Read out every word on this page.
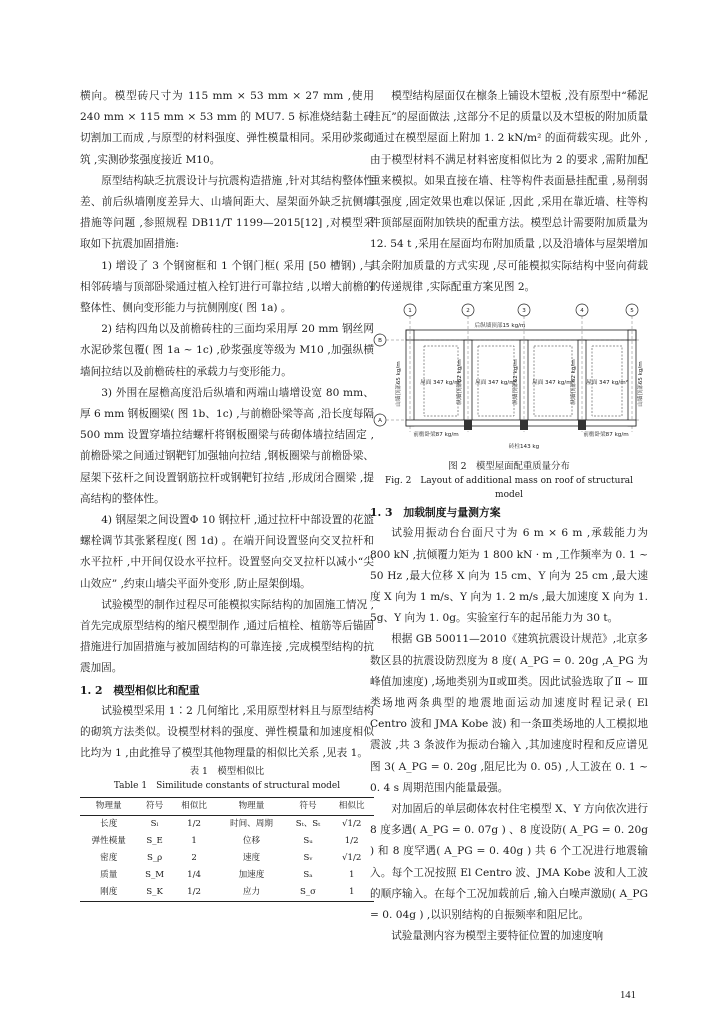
横向。模型砖尺寸为 115 mm × 53 mm × 27 mm ,使用 240 mm × 115 mm × 53 mm 的 MU7. 5 标准烧结黏土砖切割加工而成 ,与原型的材料强度、弹性模量相同。采用砂浆砌筑 ,实测砂浆强度接近 M10。

原型结构缺乏抗震设计与抗震构造措施 ,针对其结构整体性差、前后纵墙刚度差异大、山墙间距大、屋架面外缺乏抗侧墙措施等问题 ,参照规程 DB11/T 1199—2015[12] ,对模型采取如下抗震加固措施:

1) 增设了 3 个钢窗框和 1 个钢门框( 采用 [50 槽钢) ,与相邻砖墙与顶部卧梁通过植入栓钉进行可靠拉结 ,以增大前檐的整体性、侧向变形能力与抗侧刚度( 图 1a) 。

2) 结构四角以及前檐砖柱的三面均采用厚 20 mm 钢丝网水泥砂浆包覆( 图 1a ~ 1c) ,砂浆强度等级为 M10 ,加强纵横墙间拉结以及前檐砖柱的承载力与变形能力。

3) 外围在屋檐高度沿后纵墙和两端山墙增设宽 80 mm、厚 6 mm 钢板圈梁( 图 1b、1c) ,与前檐卧梁等高 ,沿长度每隔 500 mm 设置穿墙拉结螺杆将钢板圈梁与砖砌体墙拉结固定 ,前檐卧梁之间通过钢靶钉加强轴向拉结 ,钢板圈梁与前檐卧梁、屋架下弦杆之间设置钢筋拉杆或钢靶钉拉结 ,形成闭合圈梁 ,提高结构的整体性。

4) 钢屋架之间设置Φ 10 钢拉杆 ,通过拉杆中部设置的花篮螺栓调节其张紧程度( 图 1d) 。在端开间设置竖向交叉拉杆和水平拉杆 ,中开间仅设水平拉杆。设置竖向交叉拉杆以减小“尖山效应” ,约束山墙尖平面外变形 ,防止屋架倒塌。

试验模型的制作过程尽可能模拟实际结构的加固施工情况 ,首先完成原型结构的缩尺模型制作 ,通过后植栓、植筋等后锚固措施进行加固措施与被加固结构的可靠连接 ,完成模型结构的抗震加固。

1. 2　模型相似比和配重

试验模型采用 1∶2 几何缩比 ,采用原型材料且与原型结构的砌筑方法类似。设模型材料的强度、弹性模量和加速度相似比均为 1 ,由此推导了模型其他物理量的相似比关系 ,见表 1。

表 1　模型相似比

Table 1　Similitude constants of structural model

物理量	符号	相似比	物理量	符号	相似比
长度	Sₗ	1/2	时间、周期	Sₜ、Sₜ	√1/2
弹性模量	S_E	1	位移	Sᵤ	1/2
密度	S_ρ	2	速度	Sᵥ	√1/2
质量	S_M	1/4	加速度	Sₐ	1
刚度	S_K	1/2	应力	S_σ	1

模型结构屋面仅在檩条上铺设木望板 ,没有原型中“稀泥挂瓦”的屋面做法 ,这部分不足的质量以及木望板的附加质量 ,通过在模型屋面上附加 1. 2 kN/m² 的面荷载实现。此外 ,由于模型材料不满足材料密度相似比为 2 的要求 ,需附加配重来模拟。如果直接在墙、柱等构件表面悬挂配重 ,易削弱其强度 ,固定效果也难以保证 ,因此 ,采用在靠近墙、柱等构件顶部屋面附加铁块的配重方法。模型总计需要附加质量为 12. 54 t ,采用在屋面均布附加质量 ,以及沿墙体与屋架增加其余附加质量的方式实现 ,尽可能模拟实际结构中竖向荷载的传递规律 ,实际配重方案见图 2。

1	2	3	4	5
B
A
后纵墙顶部15 kg/m
山墙顶部65 kg/m	山墙顶部65 kg/m
纵墙顶部62 kg/m	纵墙顶部62 kg/m	纵墙顶部62 kg/m
屋面 347 kg/m² 屋面 347 kg/m²	屋面 347 kg/m² 屋面 347 kg/m²
前檐卧梁87 kg/m	前檐卧梁87 kg/m
砖柱143 kg

图 2　模型屋面配重质量分布

Fig. 2　Layout of additional mass on roof of structural model

1. 3　加载制度与量测方案

试验用振动台台面尺寸为 6 m × 6 m ,承载能力为 800 kN ,抗倾覆力矩为 1 800 kN · m ,工作频率为 0. 1 ~ 50 Hz ,最大位移 X 向为 15 cm、Y 向为 25 cm ,最大速度 X 向为 1 m/s、Y 向为 1. 2 m/s ,最大加速度 X 向为 1. 5g、Y 向为 1. 0g。实验室行车的起吊能力为 30 t。

根据 GB 50011—2010《建筑抗震设计规范》,北京多数区县的抗震设防烈度为 8 度( A_PG = 0. 20g ,A_PG 为峰值加速度) ,场地类别为Ⅱ或Ⅲ类。因此试验选取了Ⅱ ~ Ⅲ类场地两条典型的地震地面运动加速度时程记录( El Centro 波和 JMA Kobe 波) 和一条Ⅲ类场地的人工模拟地震波 ,共 3 条波作为振动台输入 ,其加速度时程和反应谱见图 3( A_PG = 0. 20g ,阻尼比为 0. 05) ,人工波在 0. 1 ~ 0. 4 s 周期范围内能量最强。

对加固后的单层砌体农村住宅模型 X、Y 方向依次进行 8 度多遇( A_PG = 0. 07g ) 、8 度设防( A_PG = 0. 20g ) 和 8 度罕遇( A_PG = 0. 40g ) 共 6 个工况进行地震输入。每个工况按照 El Centro 波、JMA Kobe 波和人工波的顺序输入。在每个工况加载前后 ,输入白噪声激励( A_PG = 0. 04g ) ,以识别结构的自振频率和阻尼比。

试验量测内容为模型主要特征位置的加速度响

141
